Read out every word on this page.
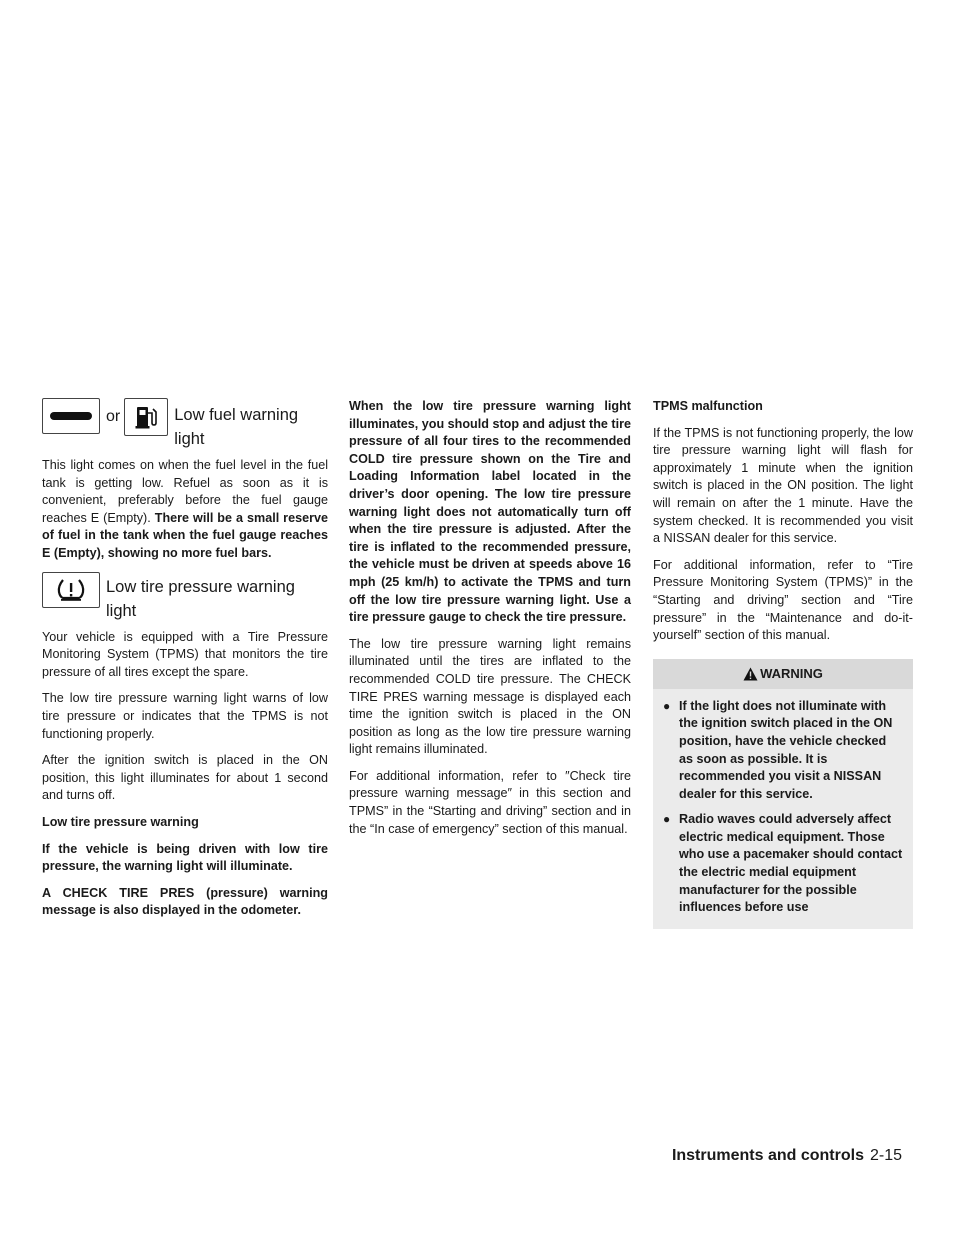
or	Low fuel warning light

This light comes on when the fuel level in the fuel tank is getting low. Refuel as soon as it is convenient, preferably before the fuel gauge reaches E (Empty). There will be a small reserve of fuel in the tank when the fuel gauge reaches E (Empty), showing no more fuel bars.

Low tire pressure warning light

Your vehicle is equipped with a Tire Pressure Monitoring System (TPMS) that monitors the tire pressure of all tires except the spare.

The low tire pressure warning light warns of low tire pressure or indicates that the TPMS is not functioning properly.

After the ignition switch is placed in the ON position, this light illuminates for about 1 second and turns off.

Low tire pressure warning

If the vehicle is being driven with low tire pressure, the warning light will illuminate.

A CHECK TIRE PRES (pressure) warning message is also displayed in the odometer.

When the low tire pressure warning light illuminates, you should stop and adjust the tire pressure of all four tires to the recommended COLD tire pressure shown on the Tire and Loading Information label located in the driver’s door opening. The low tire pressure warning light does not automatically turn off when the tire pressure is adjusted. After the tire is inflated to the recommended pressure, the vehicle must be driven at speeds above 16 mph (25 km/h) to activate the TPMS and turn off the low tire pressure warning light. Use a tire pressure gauge to check the tire pressure.

The low tire pressure warning light remains illuminated until the tires are inflated to the recommended COLD tire pressure. The CHECK TIRE PRES warning message is displayed each time the ignition switch is placed in the ON position as long as the low tire pressure warning light remains illuminated.

For additional information, refer to ″Check tire pressure warning message″ in this section and TPMS” in the “Starting and driving” section and in the “In case of emergency” section of this manual.

TPMS malfunction

If the TPMS is not functioning properly, the low tire pressure warning light will flash for approximately 1 minute when the ignition switch is placed in the ON position. The light will remain on after the 1 minute. Have the system checked. It is recommended you visit a NISSAN dealer for this service.

For additional information, refer to “Tire Pressure Monitoring System (TPMS)” in the “Starting and driving” section and “Tire pressure” in the “Maintenance and do-it-yourself” section of this manual.

WARNING
● If the light does not illuminate with the ignition switch placed in the ON position, have the vehicle checked as soon as possible. It is recommended you visit a NISSAN dealer for this service.
● Radio waves could adversely affect electric medical equipment. Those who use a pacemaker should contact the electric medial equipment manufacturer for the possible influences before use
Instruments and controls 2-15
